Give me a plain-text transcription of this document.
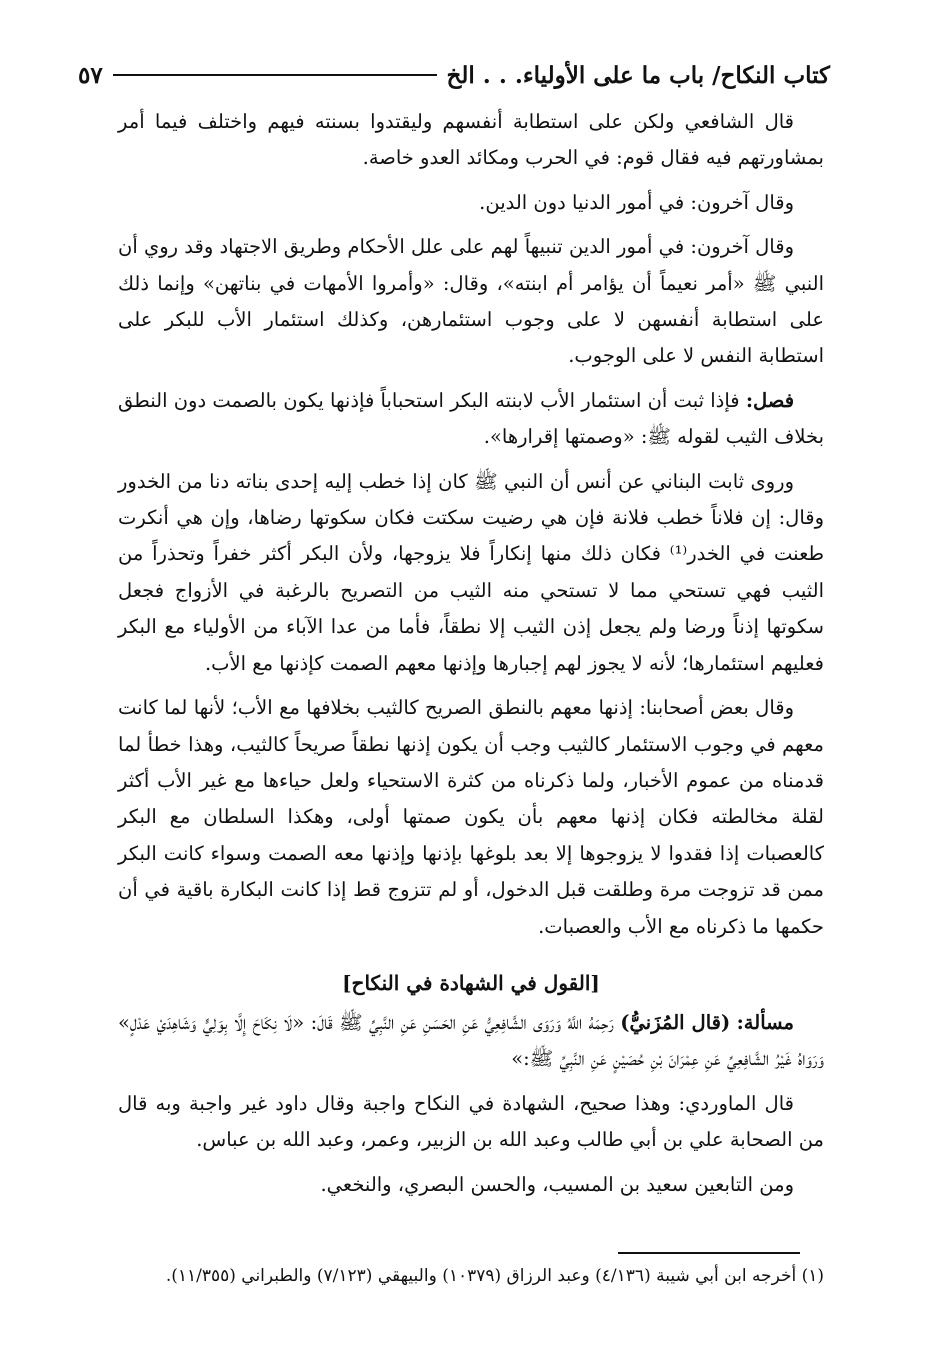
كتاب النكاح/ باب ما على الأولياء. . . الخ
٥٧

قال الشافعي ولكن على استطابة أنفسهم وليقتدوا بسنته فيهم واختلف فيما أمر بمشاورتهم فيه فقال قوم: في الحرب ومكائد العدو خاصة.

وقال آخرون: في أمور الدنيا دون الدين.

وقال آخرون: في أمور الدين تنبيهاً لهم على علل الأحكام وطريق الاجتهاد وقد روي أن النبي ﷺ «أمر نعيماً أن يؤامر أم ابنته»، وقال: «وأمروا الأمهات في بناتهن» وإنما ذلك على استطابة أنفسهن لا على وجوب استئمارهن، وكذلك استئمار الأب للبكر على استطابة النفس لا على الوجوب.

فصل: فإذا ثبت أن استئمار الأب لابنته البكر استحباباً فإذنها يكون بالصمت دون النطق بخلاف الثيب لقوله ﷺ: «وصمتها إقرارها».

وروى ثابت البناني عن أنس أن النبي ﷺ كان إذا خطب إليه إحدى بناته دنا من الخدور وقال: إن فلاناً خطب فلانة فإن هي رضيت سكتت فكان سكوتها رضاها، وإن هي أنكرت طعنت في الخدر⁽¹⁾ فكان ذلك منها إنكاراً فلا يزوجها، ولأن البكر أكثر خفراً وتحذراً من الثيب فهي تستحي مما لا تستحي منه الثيب من التصريح بالرغبة في الأزواج فجعل سكوتها إذناً ورضا ولم يجعل إذن الثيب إلا نطقاً، فأما من عدا الآباء من الأولياء مع البكر فعليهم استئمارها؛ لأنه لا يجوز لهم إجبارها وإذنها معهم الصمت كإذنها مع الأب.

وقال بعض أصحابنا: إذنها معهم بالنطق الصريح كالثيب بخلافها مع الأب؛ لأنها لما كانت معهم في وجوب الاستئمار كالثيب وجب أن يكون إذنها نطقاً صريحاً كالثيب، وهذا خطأ لما قدمناه من عموم الأخبار، ولما ذكرناه من كثرة الاستحياء ولعل حياءها مع غير الأب أكثر لقلة مخالطته فكان إذنها معهم بأن يكون صمتها أولى، وهكذا السلطان مع البكر كالعصبات إذا فقدوا لا يزوجوها إلا بعد بلوغها بإذنها وإذنها معه الصمت وسواء كانت البكر ممن قد تزوجت مرة وطلقت قبل الدخول، أو لم تتزوج قط إذا كانت البكارة باقية في أن حكمها ما ذكرناه مع الأب والعصبات.

[القول في الشهادة في النكاح]

مسألة: (قال المُزَنيُّ) رَحِمَهُ اللَّهُ وَرَوَى الشَّافِعِيُّ عَنِ الحَسَنِ عَنِ النَّبِيِّ ﷺ قَالَ: «لَا نِكَاحَ إِلَّا بِوَلِيٍّ وَشَاهِدَيْ عَدْلٍ» وَرَوَاهُ غَيْرُ الشَّافِعِيِّ عَنِ عِمْرَانَ بْنِ حُصَيْنٍ عَنِ النَّبِيِّ ﷺ:»

قال الماوردي: وهذا صحيح، الشهادة في النكاح واجبة وقال داود غير واجبة وبه قال من الصحابة علي بن أبي طالب وعبد الله بن الزبير، وعمر، وعبد الله بن عباس.

ومن التابعين سعيد بن المسيب، والحسن البصري، والنخعي.

(١) أخرجه ابن أبي شيبة (٤/١٣٦) وعبد الرزاق (١٠٣٧٩) والبيهقي (٧/١٢٣) والطبراني (١١/٣٥٥).
